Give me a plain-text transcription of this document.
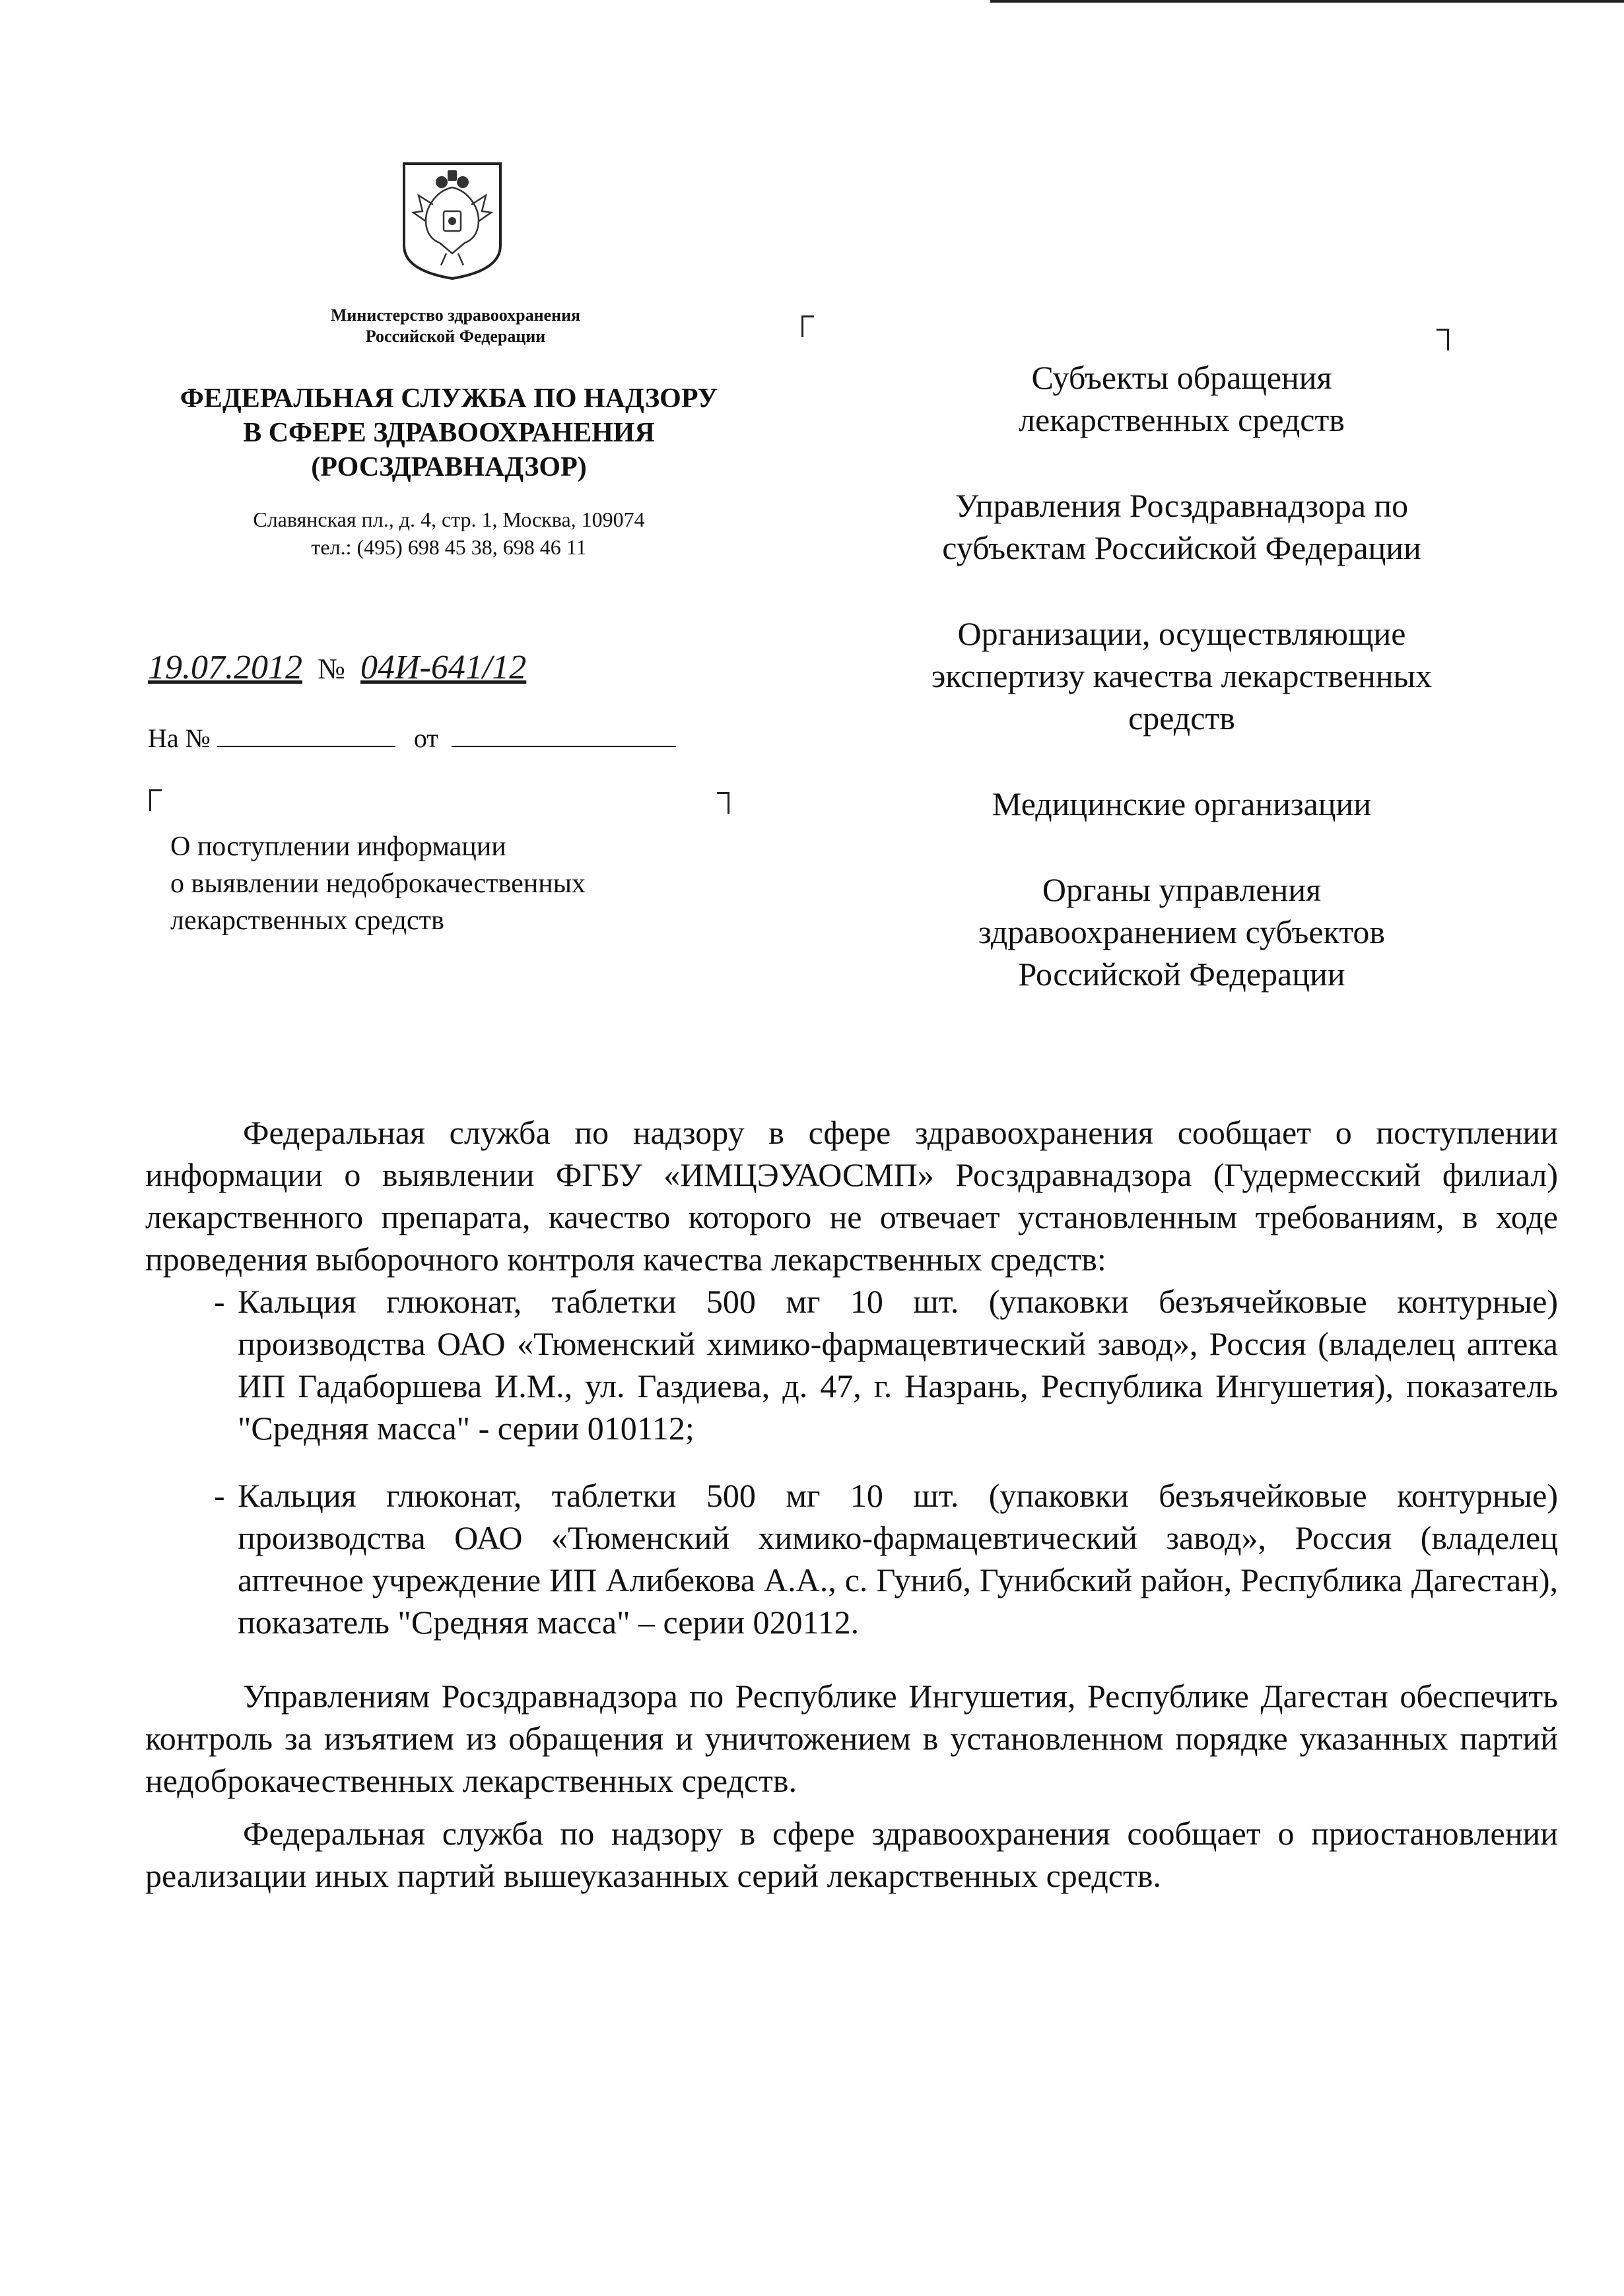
Министерство здравоохранения
Российской Федерации
ФЕДЕРАЛЬНАЯ СЛУЖБА ПО НАДЗОРУ
В СФЕРЕ ЗДРАВООХРАНЕНИЯ
(РОСЗДРАВНАДЗОР)
Славянская пл., д. 4, стр. 1, Москва, 109074
тел.: (495) 698 45 38, 698 46 11
19.07.2012 № 04И-641/12
На №	от
О поступлении информации
о выявлении недоброкачественных
лекарственных средств
Субъекты обращения
лекарственных средств
Управления Росздравнадзора по
субъектам Российской Федерации
Организации, осуществляющие
экспертизу качества лекарственных
средств
Медицинские организации
Органы управления
здравоохранением субъектов
Российской Федерации

Федеральная служба по надзору в сфере здравоохранения сообщает о поступлении информации о выявлении ФГБУ «ИМЦЭУАОСМП» Росздравнадзора (Гудермесский филиал) лекарственного препарата, качество которого не отвечает установленным требованиям, в ходе проведения выборочного контроля качества лекарственных средств:

- Кальция глюконат, таблетки 500 мг 10 шт. (упаковки безъячейковые контурные) производства ОАО «Тюменский химико-фармацевтический завод», Россия (владелец аптека ИП Гадаборшева И.М., ул. Газдиева, д. 47, г. Назрань, Республика Ингушетия), показатель "Средняя масса" - серии 010112;
- Кальция глюконат, таблетки 500 мг 10 шт. (упаковки безъячейковые контурные) производства ОАО «Тюменский химико-фармацевтический завод», Россия (владелец аптечное учреждение ИП Алибекова А.А., с. Гуниб, Гунибский район, Республика Дагестан), показатель "Средняя масса" – серии 020112.

Управлениям Росздравнадзора по Республике Ингушетия, Республике Дагестан обеспечить контроль за изъятием из обращения и уничтожением в установленном порядке указанных партий недоброкачественных лекарственных средств.

Федеральная служба по надзору в сфере здравоохранения сообщает о приостановлении реализации иных партий вышеуказанных серий лекарственных средств.
